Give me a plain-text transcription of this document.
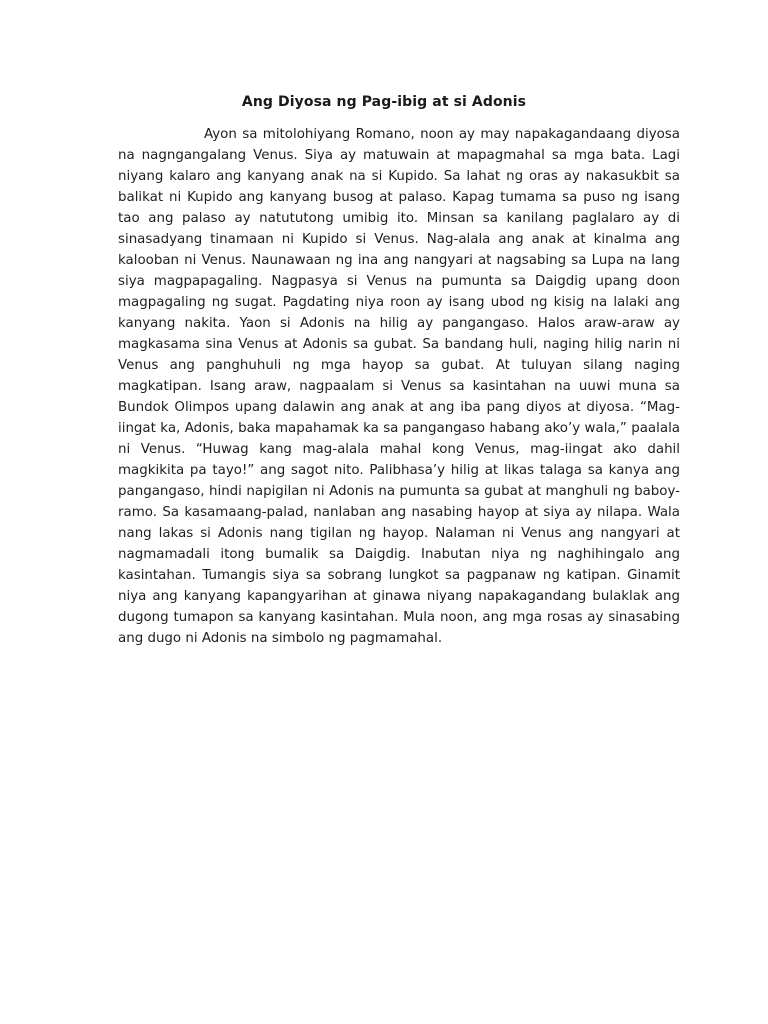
Ang Diyosa ng Pag-ibig at si Adonis

Ayon sa mitolohiyang Romano, noon ay may napakagandaang diyosa na nagngangalang Venus. Siya ay matuwain at mapagmahal sa mga bata. Lagi niyang kalaro ang kanyang anak na si Kupido. Sa lahat ng oras ay nakasukbit sa balikat ni Kupido ang kanyang busog at palaso. Kapag tumama sa puso ng isang tao ang palaso ay natututong umibig ito. Minsan sa kanilang paglalaro ay di sinasadyang tinamaan ni Kupido si Venus. Nag-alala ang anak at kinalma ang kalooban ni Venus. Naunawaan ng ina ang nangyari at nagsabing sa Lupa na lang siya magpapagaling. Nagpasya si Venus na pumunta sa Daigdig upang doon magpagaling ng sugat. Pagdating niya roon ay isang ubod ng kisig na lalaki ang kanyang nakita. Yaon si Adonis na hilig ay pangangaso. Halos araw-araw ay magkasama sina Venus at Adonis sa gubat. Sa bandang huli, naging hilig narin ni Venus ang panghuhuli ng mga hayop sa gubat. At tuluyan silang naging magkatipan. Isang araw, nagpaalam si Venus sa kasintahan na uuwi muna sa Bundok Olimpos upang dalawin ang anak at ang iba pang diyos at diyosa. “Mag-iingat ka, Adonis, baka mapahamak ka sa pangangaso habang ako’y wala,” paalala ni Venus. “Huwag kang mag-alala mahal kong Venus, mag-iingat ako dahil magkikita pa tayo!” ang sagot nito. Palibhasa’y hilig at likas talaga sa kanya ang pangangaso, hindi napigilan ni Adonis na pumunta sa gubat at manghuli ng baboy-ramo. Sa kasamaang-palad, nanlaban ang nasabing hayop at siya ay nilapa. Wala nang lakas si Adonis nang tigilan ng hayop. Nalaman ni Venus ang nangyari at nagmamadali itong bumalik sa Daigdig. Inabutan niya ng naghihingalo ang kasintahan. Tumangis siya sa sobrang lungkot sa pagpanaw ng katipan. Ginamit niya ang kanyang kapangyarihan at ginawa niyang napakagandang bulaklak ang dugong tumapon sa kanyang kasintahan. Mula noon, ang mga rosas ay sinasabing ang dugo ni Adonis na simbolo ng pagmamahal.
